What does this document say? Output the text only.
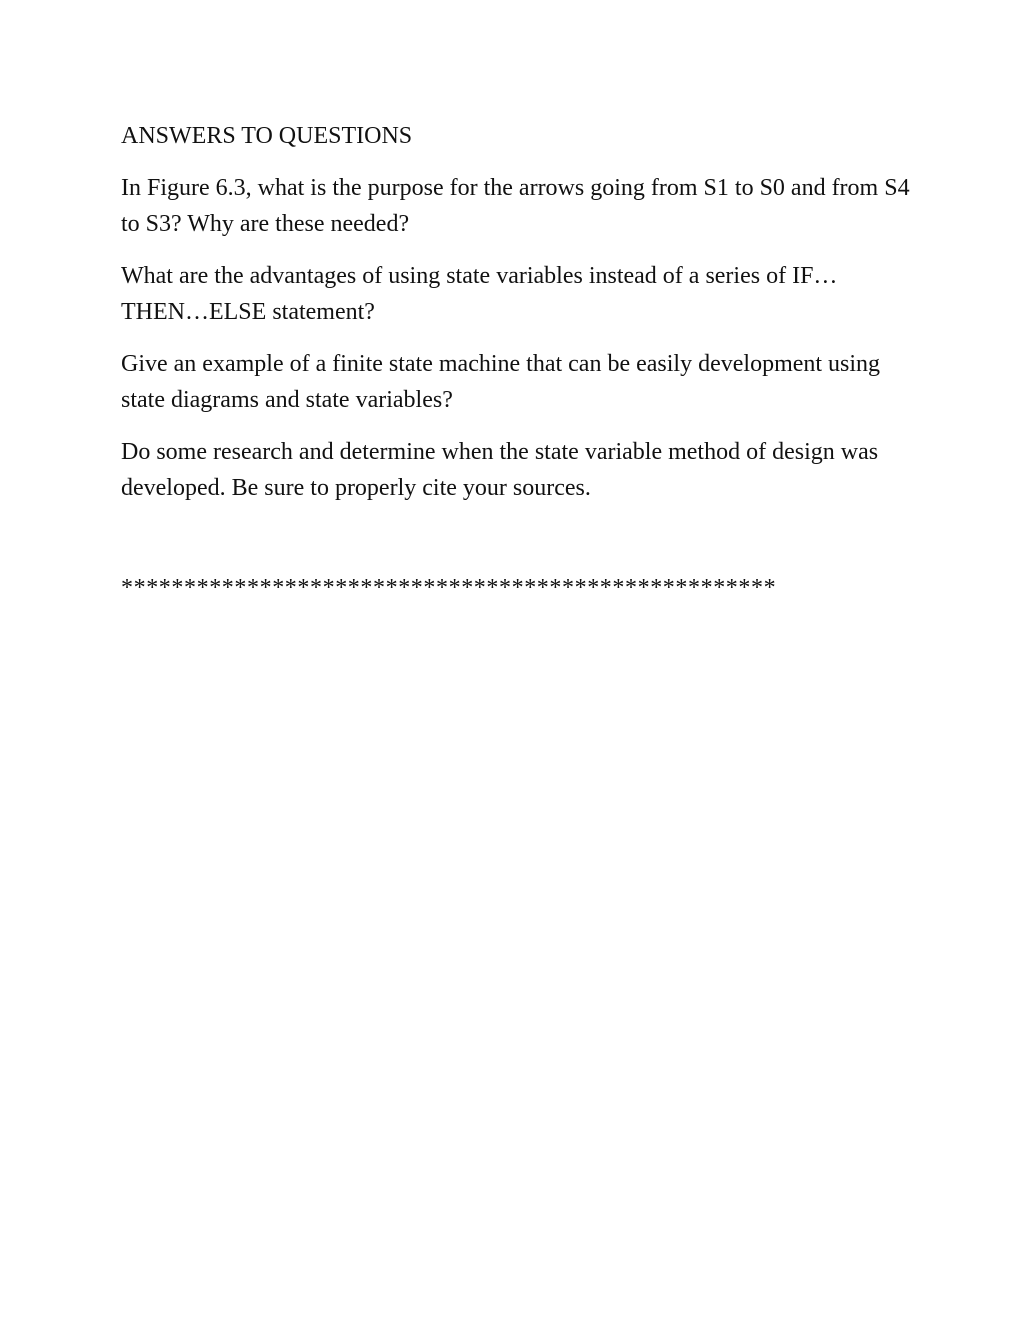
ANSWERS TO QUESTIONS

In Figure 6.3, what is the purpose for the arrows going from S1 to S0 and from S4 to S3? Why are these needed?

What are the advantages of using state variables instead of a series of IF…THEN…ELSE statement?

Give an example of a finite state machine that can be easily development using state diagrams and state variables?

Do some research and determine when the state variable method of design was developed. Be sure to properly cite your sources.

****************************************************
